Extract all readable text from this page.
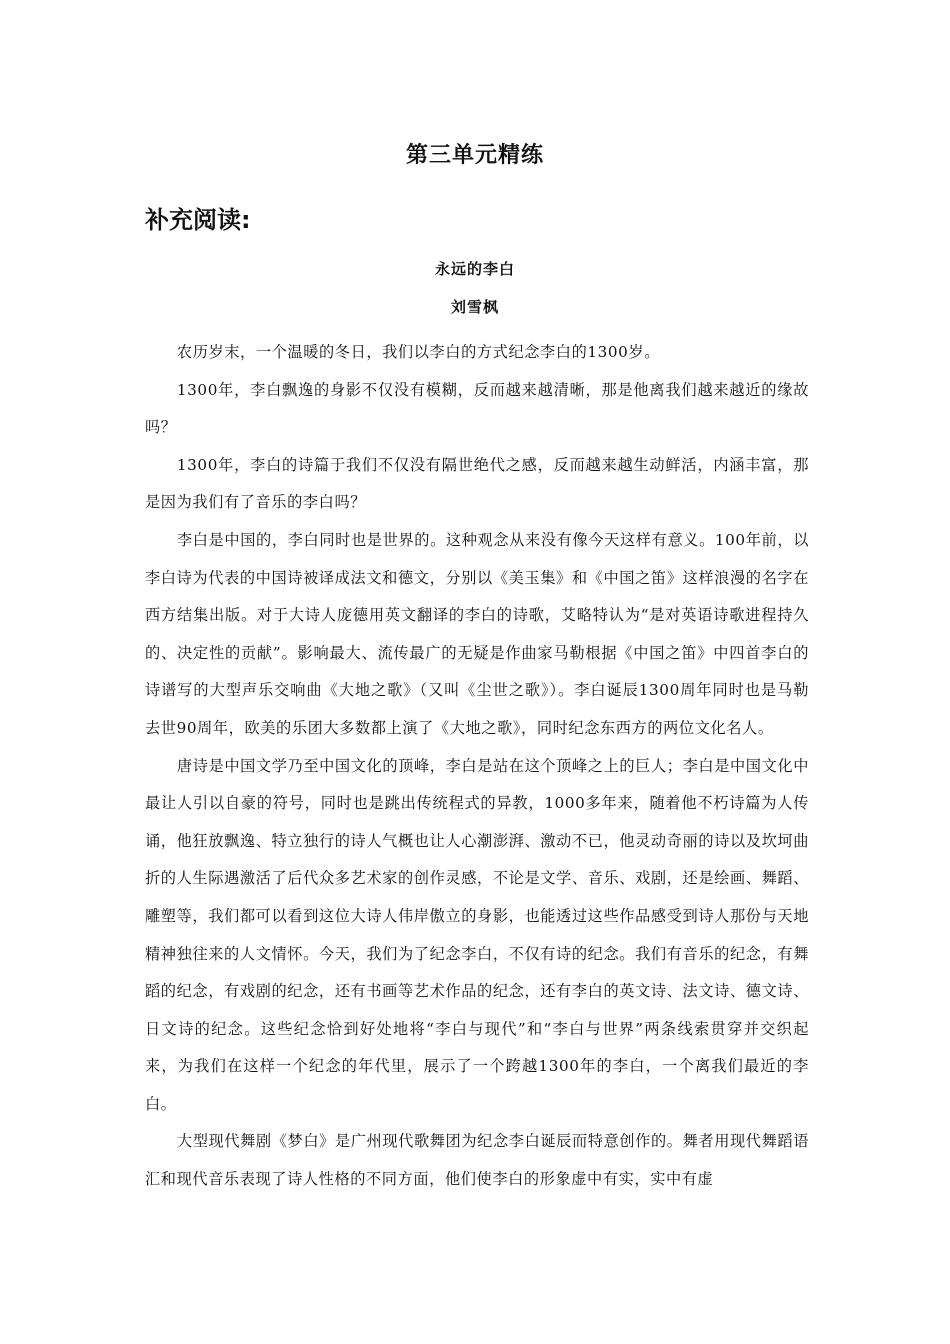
第三单元精练
补充阅读:
永远的李白
刘雪枫

农历岁末，一个温暖的冬日，我们以李白的方式纪念李白的1300岁。

1300年，李白飘逸的身影不仅没有模糊，反而越来越清晰，那是他离我们越来越近的缘故吗？

1300年，李白的诗篇于我们不仅没有隔世绝代之感，反而越来越生动鲜活，内涵丰富，那是因为我们有了音乐的李白吗？

李白是中国的，李白同时也是世界的。这种观念从来没有像今天这样有意义。100年前，以李白诗为代表的中国诗被译成法文和德文，分别以《美玉集》和《中国之笛》这样浪漫的名字在西方结集出版。对于大诗人庞德用英文翻译的李白的诗歌，艾略特认为“是对英语诗歌进程持久的、决定性的贡献”。影响最大、流传最广的无疑是作曲家马勒根据《中国之笛》中四首李白的诗谱写的大型声乐交响曲《大地之歌》（又叫《尘世之歌》）。李白诞辰1300周年同时也是马勒去世90周年，欧美的乐团大多数都上演了《大地之歌》，同时纪念东西方的两位文化名人。

唐诗是中国文学乃至中国文化的顶峰，李白是站在这个顶峰之上的巨人；李白是中国文化中最让人引以自豪的符号，同时也是跳出传统程式的异教，1000多年来，随着他不朽诗篇为人传诵，他狂放飘逸、特立独行的诗人气概也让人心潮澎湃、激动不已，他灵动奇丽的诗以及坎坷曲折的人生际遇激活了后代众多艺术家的创作灵感，不论是文学、音乐、戏剧，还是绘画、舞蹈、雕塑等，我们都可以看到这位大诗人伟岸傲立的身影，也能透过这些作品感受到诗人那份与天地精神独往来的人文情怀。今天，我们为了纪念李白，不仅有诗的纪念。我们有音乐的纪念，有舞蹈的纪念，有戏剧的纪念，还有书画等艺术作品的纪念，还有李白的英文诗、法文诗、德文诗、日文诗的纪念。这些纪念恰到好处地将“李白与现代”和“李白与世界”两条线索贯穿并交织起来，为我们在这样一个纪念的年代里，展示了一个跨越1300年的李白，一个离我们最近的李白。

大型现代舞剧《梦白》是广州现代歌舞团为纪念李白诞辰而特意创作的。舞者用现代舞蹈语汇和现代音乐表现了诗人性格的不同方面，他们使李白的形象虚中有实，实中有虚
